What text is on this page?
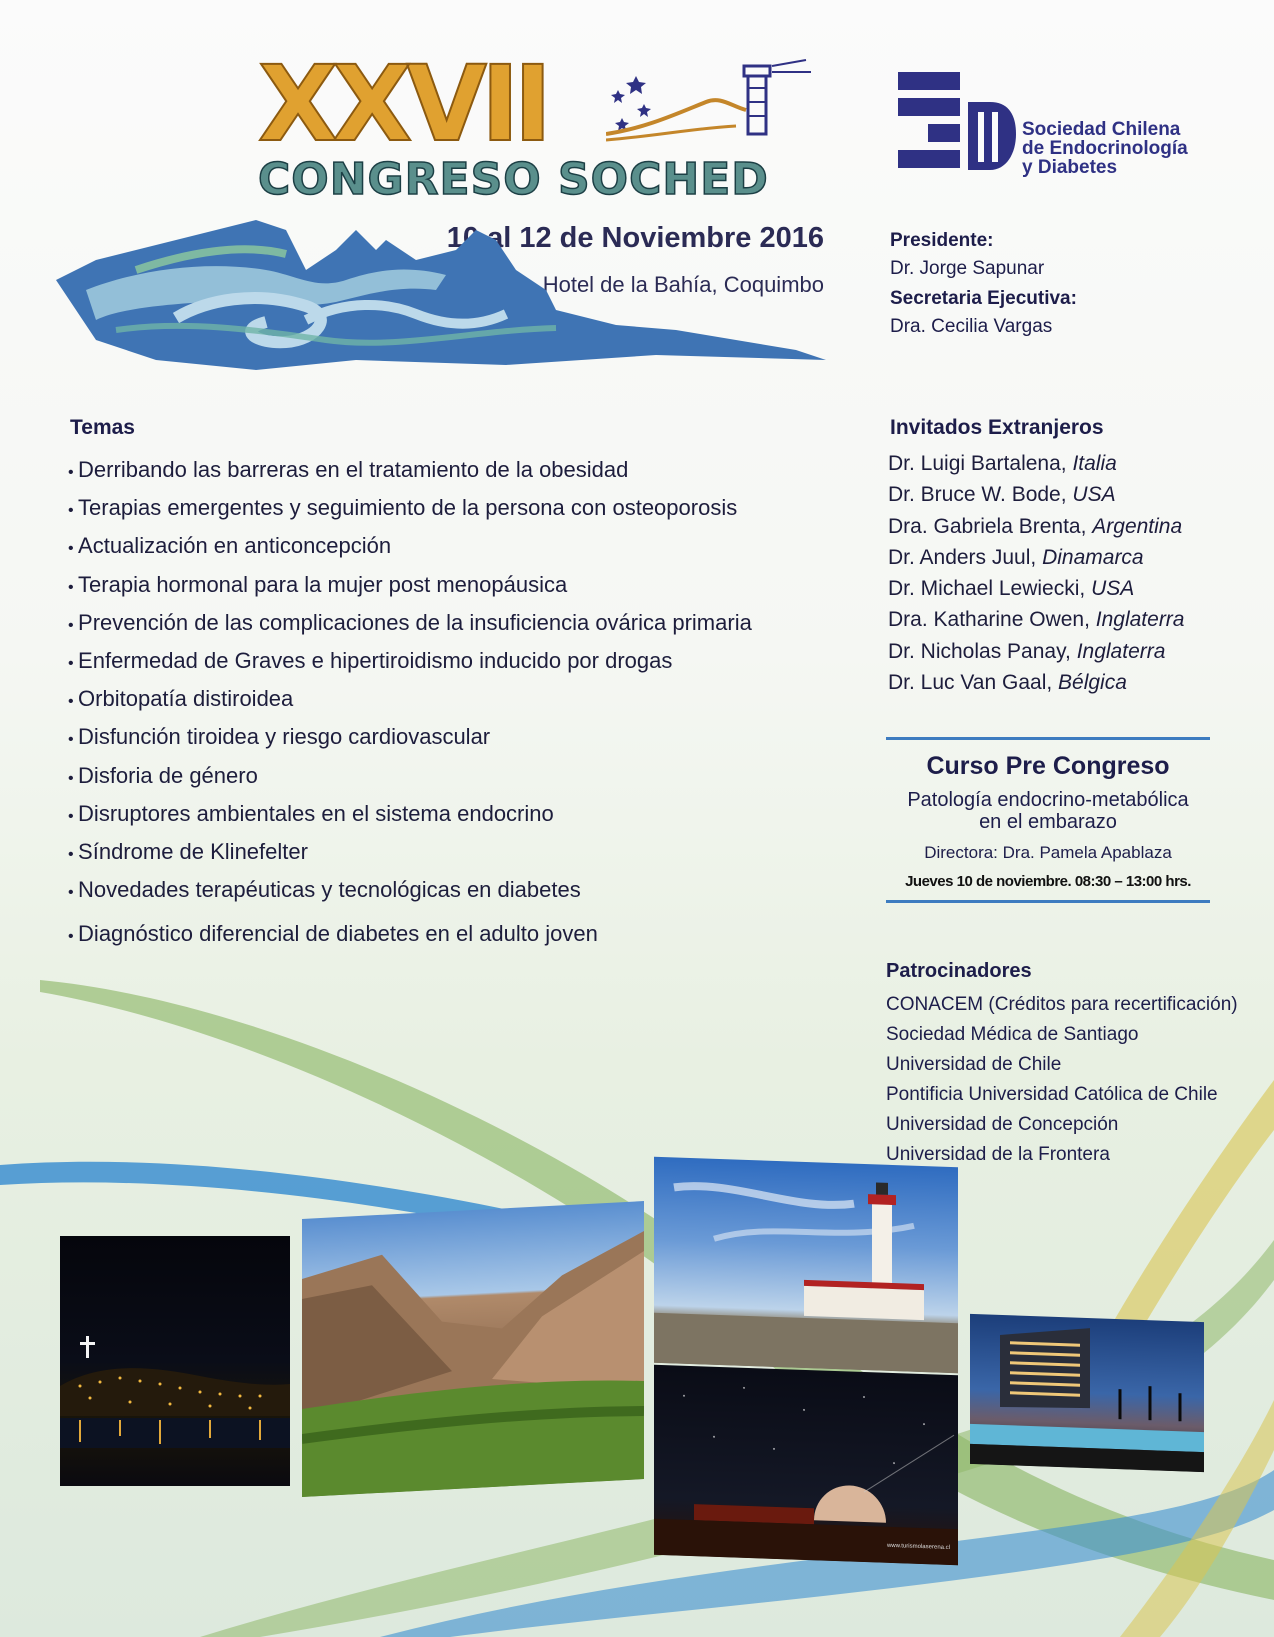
XXVII
CONGRESO SOCHED
10 al 12 de Noviembre 2016
Hotel de la Bahía, Coquimbo
Sociedad Chilena
de Endocrinología
y Diabetes
Presidente:
Dr. Jorge Sapunar
Secretaria Ejecutiva:
Dra. Cecilia Vargas
Temas
• Derribando las barreras en el tratamiento de la obesidad
• Terapias emergentes y seguimiento de la persona con osteoporosis
• Actualización en anticoncepción
• Terapia hormonal para la mujer post menopáusica
• Prevención de las complicaciones de la insuficiencia ovárica primaria
• Enfermedad de Graves e hipertiroidismo inducido por drogas
• Orbitopatía distiroidea
• Disfunción tiroidea y riesgo cardiovascular
• Disforia de género
• Disruptores ambientales en el sistema endocrino
• Síndrome de Klinefelter
• Novedades terapéuticas y tecnológicas en diabetes
• Diagnóstico diferencial de diabetes en el adulto joven
Invitados Extranjeros
Dr. Luigi Bartalena, Italia
Dr. Bruce W. Bode, USA
Dra. Gabriela Brenta, Argentina
Dr. Anders Juul, Dinamarca
Dr. Michael Lewiecki, USA
Dra. Katharine Owen, Inglaterra
Dr. Nicholas Panay, Inglaterra
Dr. Luc Van Gaal, Bélgica
Curso Pre Congreso
Patología endocrino-metabólica
en el embarazo
Directora: Dra. Pamela Apablaza
Jueves 10 de noviembre. 08:30 – 13:00 hrs.
Patrocinadores
CONACEM (Créditos para recertificación)
Sociedad Médica de Santiago
Universidad de Chile
Pontificia Universidad Católica de Chile
Universidad de Concepción
Universidad de la Frontera
www.turismolaserena.cl
